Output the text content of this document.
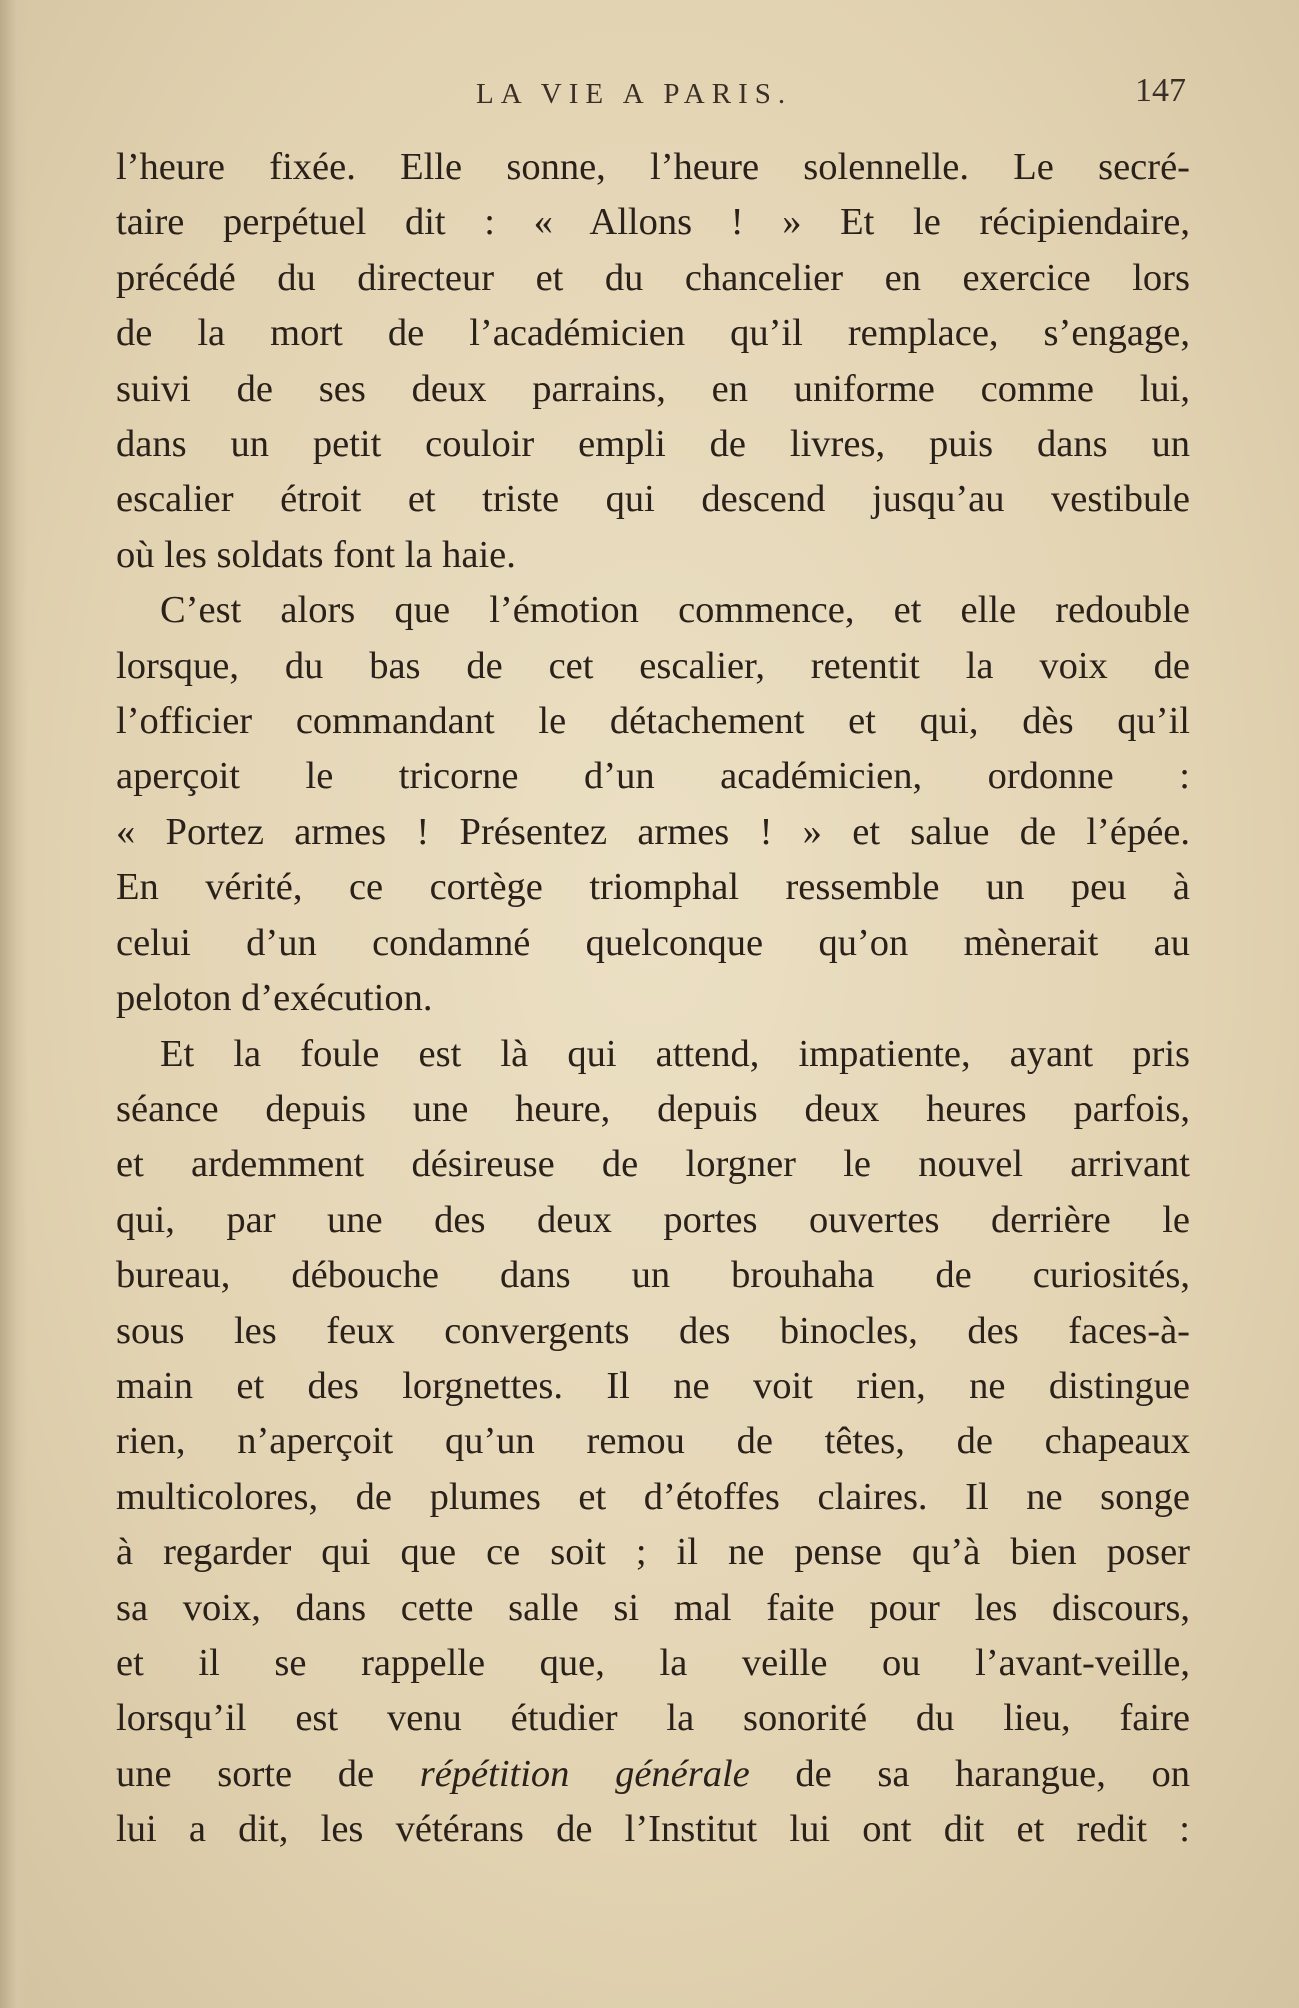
LA VIE A PARIS.	147

l’heure fixée. Elle sonne, l’heure solennelle. Le secré-
taire perpétuel dit : « Allons ! » Et le récipiendaire,
précédé du directeur et du chancelier en exercice lors
de la mort de l’académicien qu’il remplace, s’engage,
suivi de ses deux parrains, en uniforme comme lui,
dans un petit couloir empli de livres, puis dans un
escalier étroit et triste qui descend jusqu’au vestibule
où les soldats font la haie.

C’est alors que l’émotion commence, et elle redouble
lorsque, du bas de cet escalier, retentit la voix de
l’officier commandant le détachement et qui, dès qu’il
aperçoit le tricorne d’un académicien, ordonne :
« Portez armes ! Présentez armes ! » et salue de l’épée.
En vérité, ce cortège triomphal ressemble un peu à
celui d’un condamné quelconque qu’on mènerait au
peloton d’exécution.

Et la foule est là qui attend, impatiente, ayant pris
séance depuis une heure, depuis deux heures parfois,
et ardemment désireuse de lorgner le nouvel arrivant
qui, par une des deux portes ouvertes derrière le
bureau, débouche dans un brouhaha de curiosités,
sous les feux convergents des binocles, des faces-à-
main et des lorgnettes. Il ne voit rien, ne distingue
rien, n’aperçoit qu’un remou de têtes, de chapeaux
multicolores, de plumes et d’étoffes claires. Il ne songe
à regarder qui que ce soit ; il ne pense qu’à bien poser
sa voix, dans cette salle si mal faite pour les discours,
et il se rappelle que, la veille ou l’avant-veille,
lorsqu’il est venu étudier la sonorité du lieu, faire
une sorte de répétition générale de sa harangue, on
lui a dit, les vétérans de l’Institut lui ont dit et redit :
